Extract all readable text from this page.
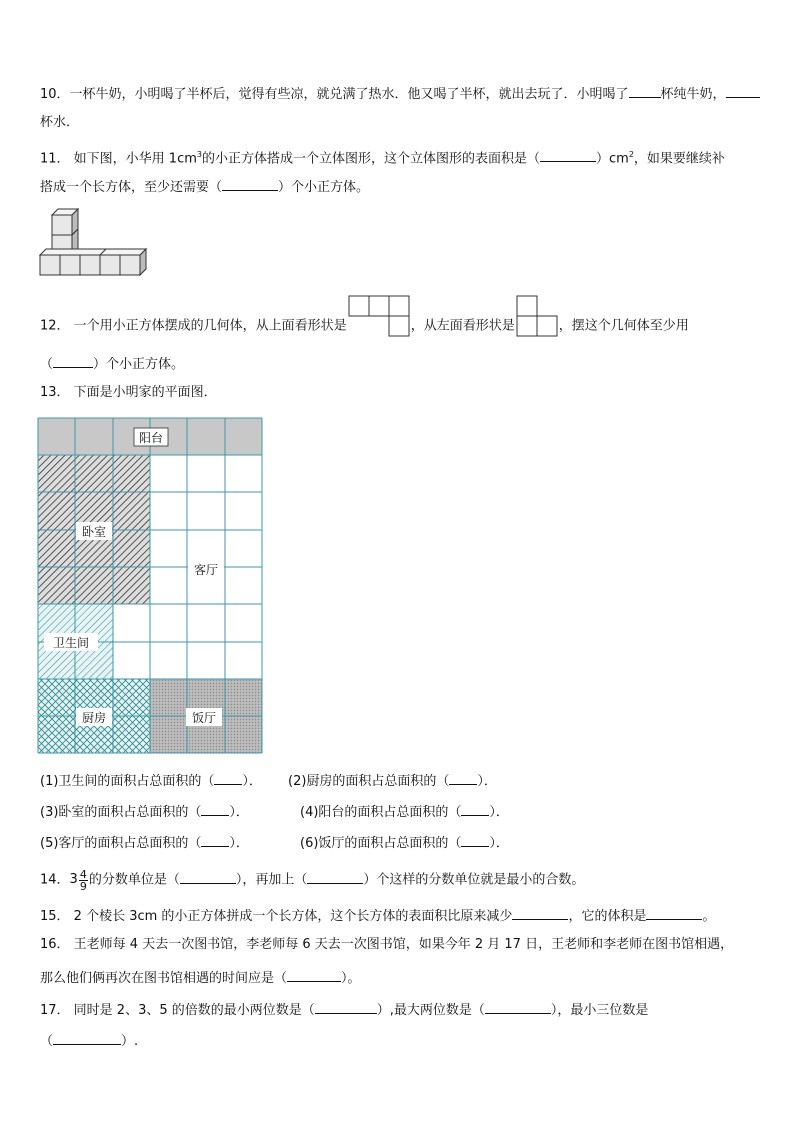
10．一杯牛奶，小明喝了半杯后，觉得有些凉，就兑满了热水．他又喝了半杯，就出去玩了．小明喝了 杯纯牛奶，
杯水．
11． 如下图，小华用 $1cm^3$的小正方体搭成一个立体图形，这个立体图形的表面积是（	）$cm^2$，如果要继续补
搭成一个长方体，至少还需要（	）个小正方体。
12． 一个用小正方体摆成的几何体，从上面看形状是	，从左面看形状是	，摆这个几何体至少用
（	）个小正方体。
13． 下面是小明家的平面图．
阳台
卧室
客厅
卫生间
厨房	饭厅
(1)卫生间的面积占总面积的（ ）． (2)厨房的面积占总面积的（ ）．
(3)卧室的面积占总面积的（ ）．	(4)阳台的面积占总面积的（ ）．
(5)客厅的面积占总面积的（ ）．	(6)饭厅的面积占总面积的（ ）．
14．$3 \frac{4}{9}$ 的分数单位是（	），再加上（	）个这样的分数单位就是最小的合数。
15． 2 个棱长 3cm 的小正方体拼成一个长方体，这个长方体的表面积比原来减少	，它的体积是	。
16． 王老师每 4 天去一次图书馆，李老师每 6 天去一次图书馆，如果今年 2 月 17 日，王老师和李老师在图书馆相遇，
那么他们俩再次在图书馆相遇的时间应是（	）。
17． 同时是 2、3、5 的倍数的最小两位数是（	）,最大两位数是（	），最小三位数是
（	）.
